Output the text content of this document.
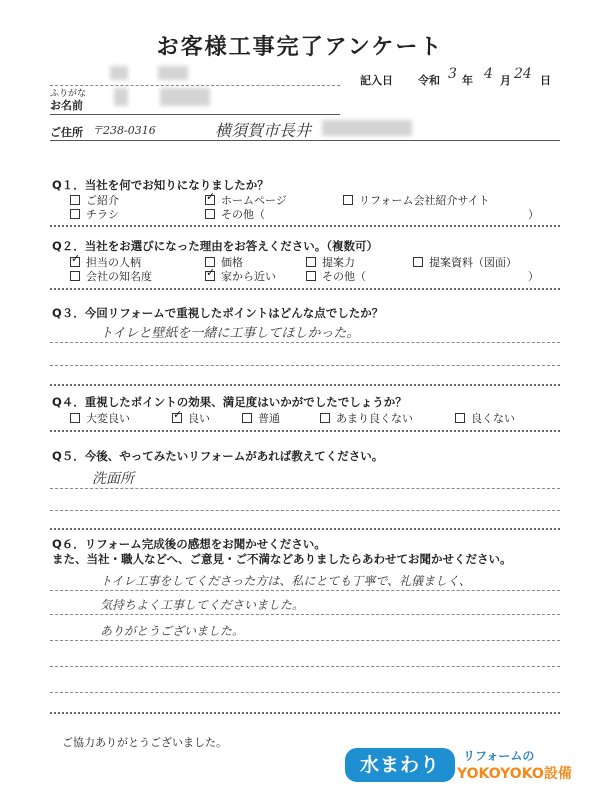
お客様工事完了アンケート
記入日 令和 3 年 4 月 24 日
ふりがな
お名前
ご住所 〒238-0316	横須賀市長井
Q１．当社を何でお知りになりましたか？
ご紹介 ✓	ホームページ	リフォーム会社紹介サイト
チラシ	その他（	）
Q２．当社をお選びになった理由をお答えください。（複数可）
✓担当の人柄	価格	提案力	提案資料（図面）
会社の知名度 ✓	家から近い	その他（	）
Q３．今回リフォームで重視したポイントはどんな点でしたか？
トイレと壁紙を一緒に工事してほしかった。
Q４．重視したポイントの効果、満足度はいかがでしたでしょうか？
大変良い ✓	良い	普通	あまり良くない	良くない
Q５．今後、やってみたいリフォームがあれば教えてください。
洗面所
Q６．リフォーム完成後の感想をお聞かせください。
また、当社・職人などへ、ご意見・ご不満などありましたらあわせてお聞かせください。
トイレ工事をしてくださった方は、私にとても丁寧で、礼儀ましく、
気持ちよく工事してくださいました。
ありがとうございました。
ご協力ありがとうございました。
水まわり	リフォームの
YOKOYOKO設備
